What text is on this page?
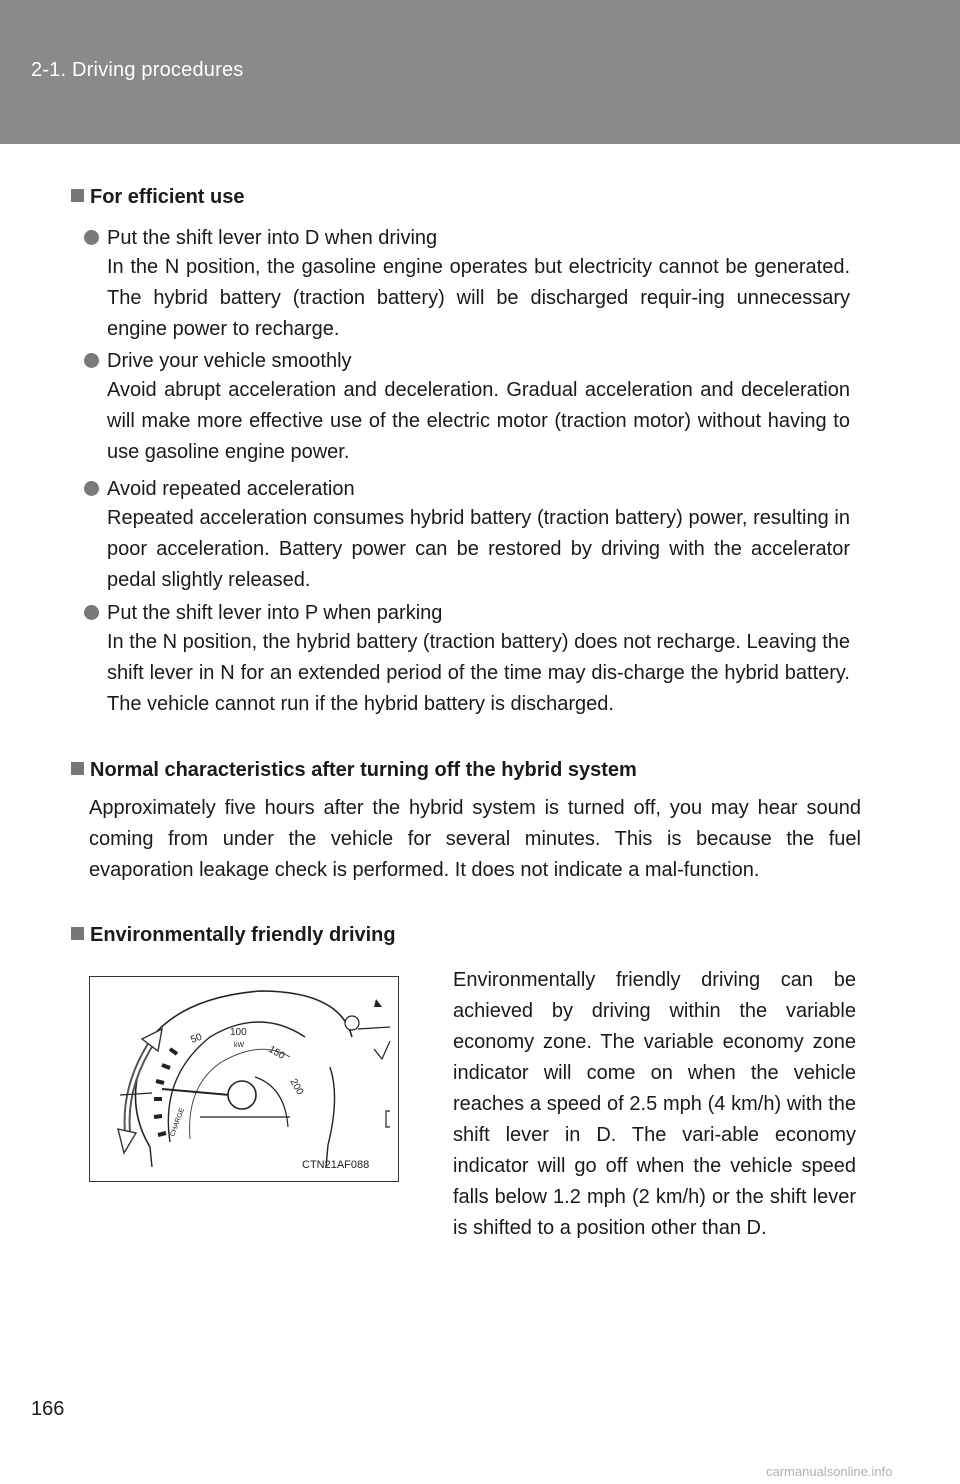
2-1. Driving procedures
For efficient use
Put the shift lever into D when driving
In the N position, the gasoline engine operates but electricity cannot be generated. The hybrid battery (traction battery) will be discharged requir-ing unnecessary engine power to recharge.
Drive your vehicle smoothly
Avoid abrupt acceleration and deceleration. Gradual acceleration and deceleration will make more effective use of the electric motor (traction motor) without having to use gasoline engine power.
Avoid repeated acceleration
Repeated acceleration consumes hybrid battery (traction battery) power, resulting in poor acceleration. Battery power can be restored by driving with the accelerator pedal slightly released.
Put the shift lever into P when parking
In the N position, the hybrid battery (traction battery) does not recharge. Leaving the shift lever in N for an extended period of the time may dis-charge the hybrid battery. The vehicle cannot run if the hybrid battery is discharged.
Normal characteristics after turning off the hybrid system
Approximately five hours after the hybrid system is turned off, you may hear sound coming from under the vehicle for several minutes. This is because the fuel evaporation leakage check is performed. It does not indicate a mal-function.
Environmentally friendly driving
Environmentally friendly driving can be achieved by driving within the variable economy zone. The variable economy zone indicator will come on when the vehicle reaches a speed of 2.5 mph (4 km/h) with the shift lever in D. The vari-able economy indicator will go off when the vehicle speed falls below 1.2 mph (2 km/h) or the shift lever is shifted to a position other than D.
50	100
kW 150
200
CHARGE
CTN21AF088
166
carmanualsonline.info
